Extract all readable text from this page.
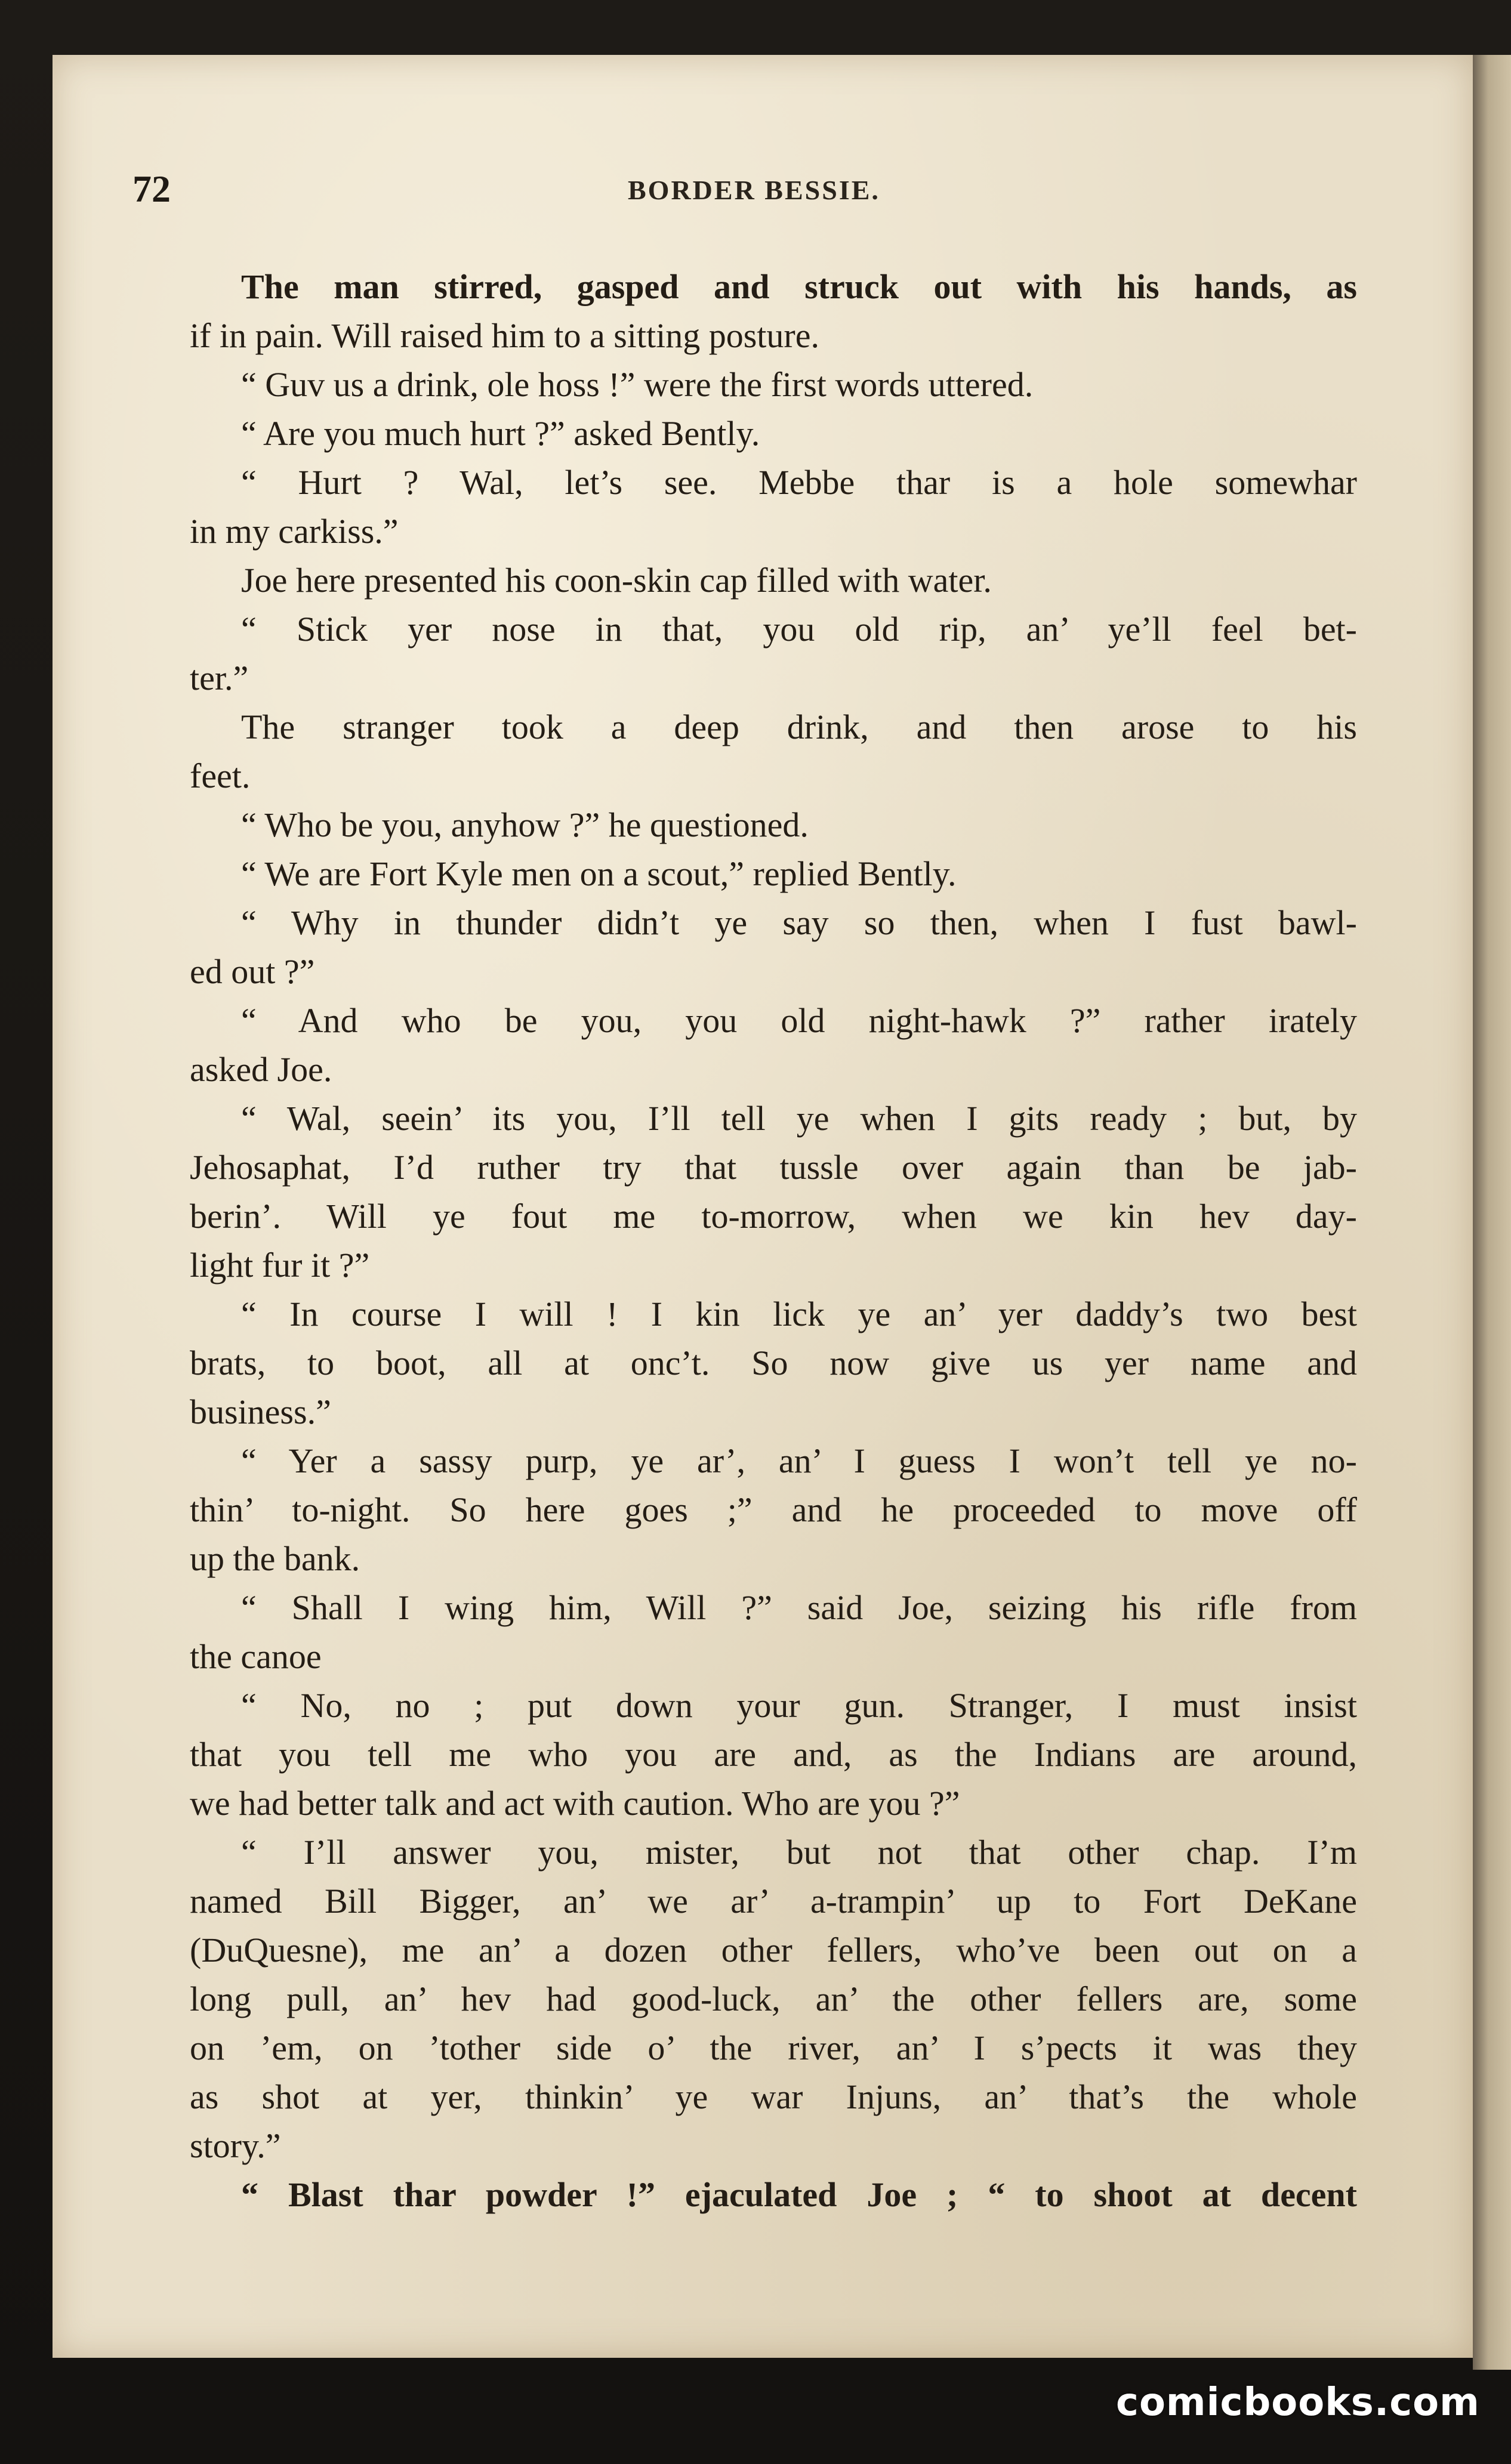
72	BORDER BESSIE.
The man stirred, gasped and struck out with his hands, as
if in pain. Will raised him to a sitting posture.
“ Guv us a drink, ole hoss !” were the first words uttered.
“ Are you much hurt ?” asked Bently.
“ Hurt ? Wal, let’s see. Mebbe thar is a hole somewhar
in my carkiss.”
Joe here presented his coon-skin cap filled with water.
“ Stick yer nose in that, you old rip, an’ ye’ll feel bet-
ter.”
The stranger took a deep drink, and then arose to his
feet.
“ Who be you, anyhow ?” he questioned.
“ We are Fort Kyle men on a scout,” replied Bently.
“ Why in thunder didn’t ye say so then, when I fust bawl-
ed out ?”
“ And who be you, you old night-hawk ?” rather irately
asked Joe.
“ Wal, seein’ its you, I’ll tell ye when I gits ready ; but, by
Jehosaphat, I’d ruther try that tussle over again than be jab-
berin’. Will ye fout me to-morrow, when we kin hev day-
light fur it ?”
“ In course I will ! I kin lick ye an’ yer daddy’s two best
brats, to boot, all at onc’t. So now give us yer name and
business.”
“ Yer a sassy purp, ye ar’, an’ I guess I won’t tell ye no-
thin’ to-night. So here goes ;” and he proceeded to move off
up the bank.
“ Shall I wing him, Will ?” said Joe, seizing his rifle from
the canoe
“ No, no ; put down your gun. Stranger, I must insist
that you tell me who you are and, as the Indians are around,
we had better talk and act with caution. Who are you ?”
“ I’ll answer you, mister, but not that other chap. I’m
named Bill Bigger, an’ we ar’ a-trampin’ up to Fort DeKane
(DuQuesne), me an’ a dozen other fellers, who’ve been out on a
long pull, an’ hev had good-luck, an’ the other fellers are, some
on ’em, on ’tother side o’ the river, an’ I s’pects it was they
as shot at yer, thinkin’ ye war Injuns, an’ that’s the whole
story.”
“ Blast thar powder !” ejaculated Joe ; “ to shoot at decent
comicbooks.com
